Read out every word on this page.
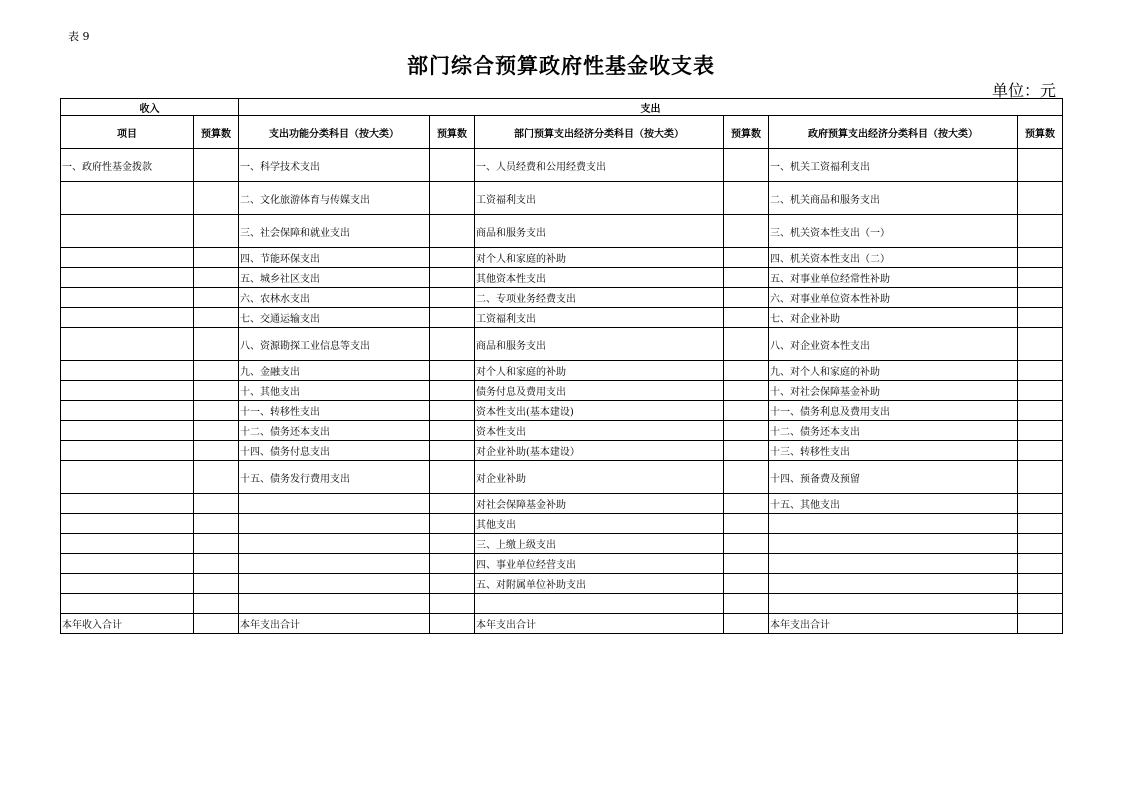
表 9
部门综合预算政府性基金收支表
单位：元
收入		支出					
项目	预算数	支出功能分类科目（按大类）	预算数	部门预算支出经济分类科目（按大类）	预算数	政府预算支出经济分类科目（按大类）	预算数
一、政府性基金拨款		一、科学技术支出		一、人员经费和公用经费支出		一、机关工资福利支出	
		二、文化旅游体育与传媒支出		工资福利支出		二、机关商品和服务支出	
		三、社会保障和就业支出		商品和服务支出		三、机关资本性支出（一）	
		四、节能环保支出		对个人和家庭的补助		四、机关资本性支出（二）	
		五、城乡社区支出		其他资本性支出		五、对事业单位经常性补助	
		六、农林水支出		二、专项业务经费支出		六、对事业单位资本性补助	
		七、交通运输支出		工资福利支出		七、对企业补助	
		八、资源勘探工业信息等支出		商品和服务支出		八、对企业资本性支出	
		九、金融支出		对个人和家庭的补助		九、对个人和家庭的补助	
		十、其他支出		债务付息及费用支出		十、对社会保障基金补助	
		十一、转移性支出		资本性支出(基本建设)		十一、债务利息及费用支出	
		十二、债务还本支出		资本性支出		十二、债务还本支出	
		十四、债务付息支出		对企业补助(基本建设）		十三、转移性支出	
		十五、债务发行费用支出		对企业补助		十四、预备费及预留	
				对社会保障基金补助		十五、其他支出	
				其他支出			
				三、上缴上级支出			
				四、事业单位经营支出			
				五、对附属单位补助支出			

本年收入合计		本年支出合计		本年支出合计		本年支出合计	
